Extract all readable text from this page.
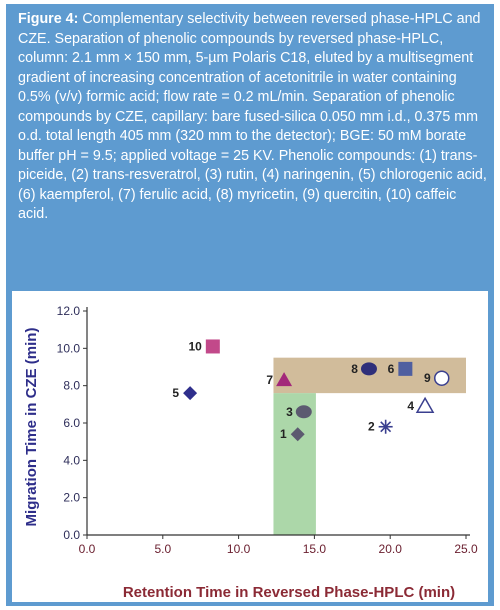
Figure 4: Complementary selectivity between reversed phase-HPLC and CZE. Separation of phenolic compounds by reversed phase-HPLC, column: 2.1 mm × 150 mm, 5-µm Polaris C18, eluted by a multisegment gradient of increasing concentration of acetonitrile in water containing 0.5% (v/v) formic acid; flow rate = 0.2 mL/min. Separation of phenolic compounds by CZE, capillary: bare fused-silica 0.050 mm i.d., 0.375 mm o.d. total length 405 mm (320 mm to the detector); BGE: 50 mM borate buffer pH = 9.5; applied voltage = 25 KV. Phenolic compounds: (1) trans-piceide, (2) trans-resveratrol, (3) rutin, (4) naringenin, (5) chlorogenic acid, (6) kaempferol, (7) ferulic acid, (8) myricetin, (9) quercitin, (10) caffeic acid.
0.0
2.0
4.0
6.0
8.0
10.0
12.0
0.0	5.0	10.0	15.0	20.0	25.0
1
2
3	4
5
6
7
8
9
10
Retention Time in Reversed Phase-HPLC (min)
Migration Time in CZE (min)
